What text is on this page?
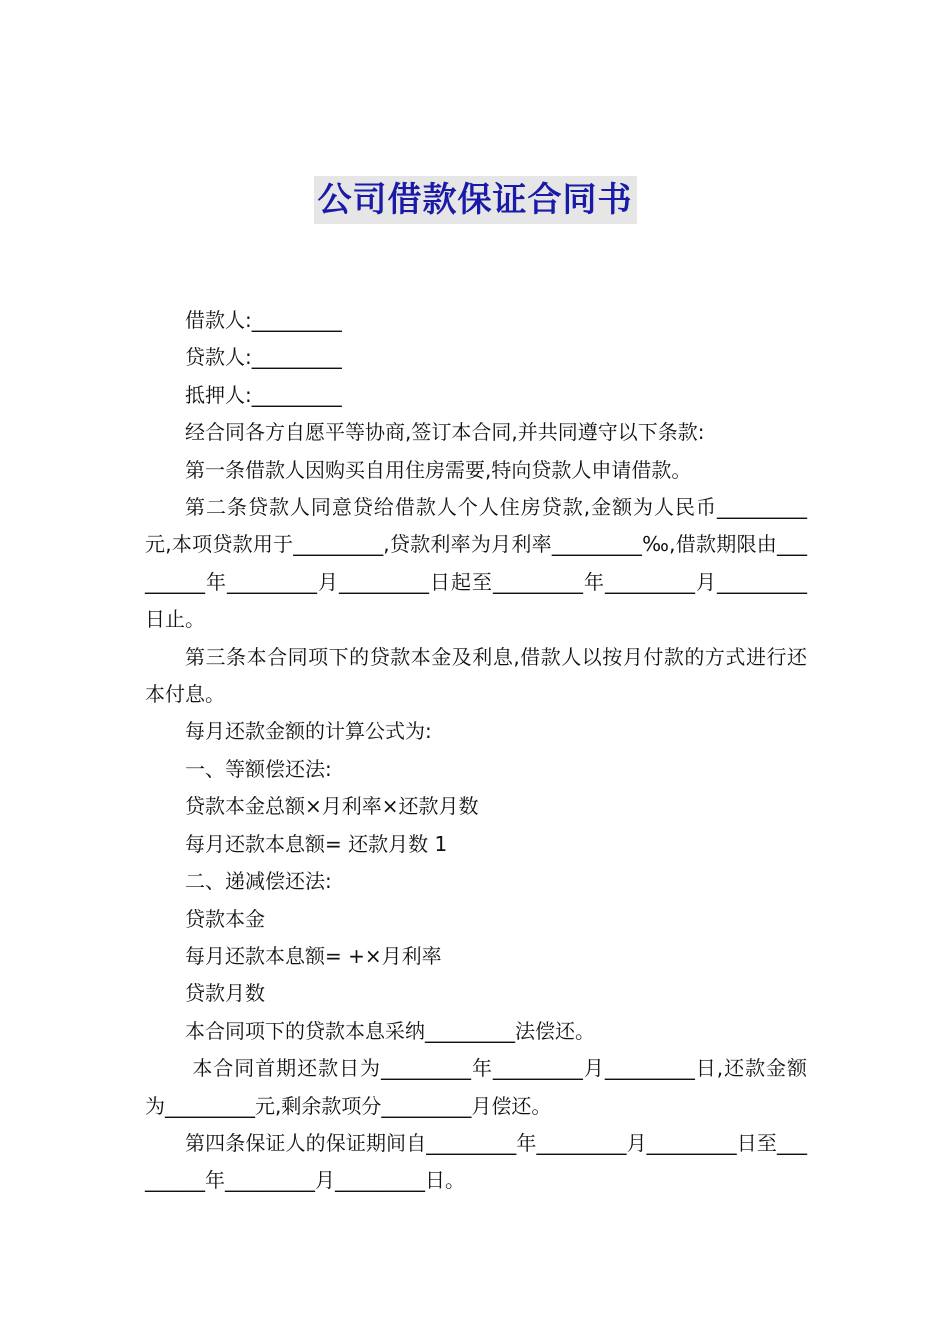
公司借款保证合同书

借款人:_________

贷款人:_________

抵押人:_________

经合同各方自愿平等协商,签订本合同,并共同遵守以下条款:

第一条借款人因购买自用住房需要,特向贷款人申请借款。

第二条贷款人同意贷给借款人个人住房贷款,金额为人民币_________元,本项贷款用于_________,贷款利率为月利率_________‰,借款期限由_________年_________月_________日起至_________年_________月_________日止。

第三条本合同项下的贷款本金及利息,借款人以按月付款的方式进行还本付息。

每月还款金额的计算公式为:

一、等额偿还法:

贷款本金总额×月利率×还款月数

每月还款本息额= 还款月数 1

二、递减偿还法:

贷款本金

每月还款本息额= +×月利率

贷款月数

本合同项下的贷款本息采纳_________法偿还。

本合同首期还款日为_________年_________月_________日,还款金额为_________元,剩余款项分_________月偿还。

第四条保证人的保证期间自_________年_________月_________日至_________年_________月_________日。
